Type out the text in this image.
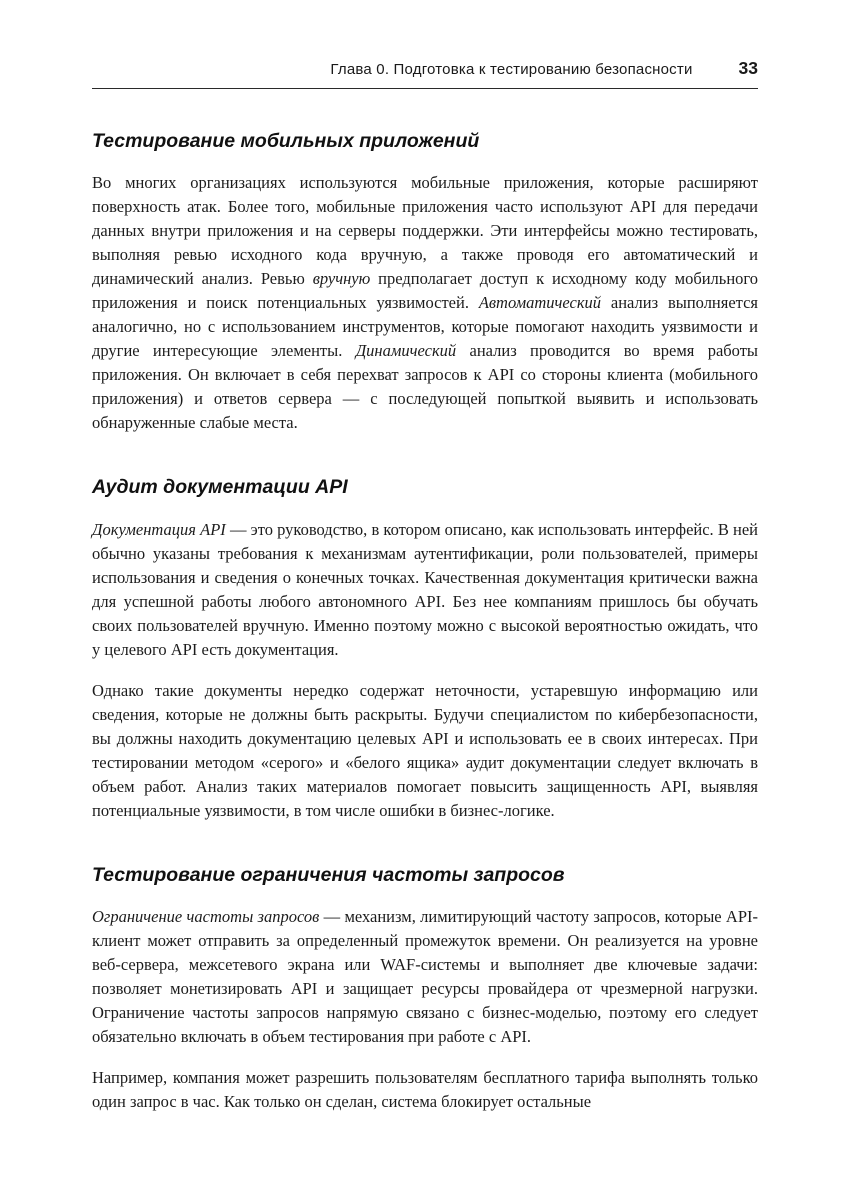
Глава 0. Подготовка к тестированию безопасности	33
Тестирование мобильных приложений

Во многих организациях используются мобильные приложения, которые расширяют поверхность атак. Более того, мобильные приложения часто используют API для передачи данных внутри приложения и на серверы поддержки. Эти интерфейсы можно тестировать, выполняя ревью исходного кода вручную, а также проводя его автоматический и динамический анализ. Ревью вручную предполагает доступ к исходному коду мобильного приложения и поиск потенциальных уязвимостей. Автоматический анализ выполняется аналогично, но с использованием инструментов, которые помогают находить уязвимости и другие интересующие элементы. Динамический анализ проводится во время работы приложения. Он включает в себя перехват запросов к API со стороны клиента (мобильного приложения) и ответов сервера — с последующей попыткой выявить и использовать обнаруженные слабые места.

Аудит документации API

Документация API — это руководство, в котором описано, как использовать интерфейс. В ней обычно указаны требования к механизмам аутентификации, роли пользователей, примеры использования и сведения о конечных точках. Качественная документация критически важна для успешной работы любого автономного API. Без нее компаниям пришлось бы обучать своих пользователей вручную. Именно поэтому можно с высокой вероятностью ожидать, что у целевого API есть документация.

Однако такие документы нередко содержат неточности, устаревшую информацию или сведения, которые не должны быть раскрыты. Будучи специалистом по кибербезопасности, вы должны находить документацию целевых API и использовать ее в своих интересах. При тестировании методом «серого» и «белого ящика» аудит документации следует включать в объем работ. Анализ таких материалов помогает повысить защищенность API, выявляя потенциальные уязвимости, в том числе ошибки в бизнес-логике.

Тестирование ограничения частоты запросов

Ограничение частоты запросов — механизм, лимитирующий частоту запросов, которые API-клиент может отправить за определенный промежуток времени. Он реализуется на уровне веб-сервера, межсетевого экрана или WAF-системы и выполняет две ключевые задачи: позволяет монетизировать API и защищает ресурсы провайдера от чрезмерной нагрузки. Ограничение частоты запросов напрямую связано с бизнес-моделью, поэтому его следует обязательно включать в объем тестирования при работе с API.

Например, компания может разрешить пользователям бесплатного тарифа выполнять только один запрос в час. Как только он сделан, система блокирует остальные
